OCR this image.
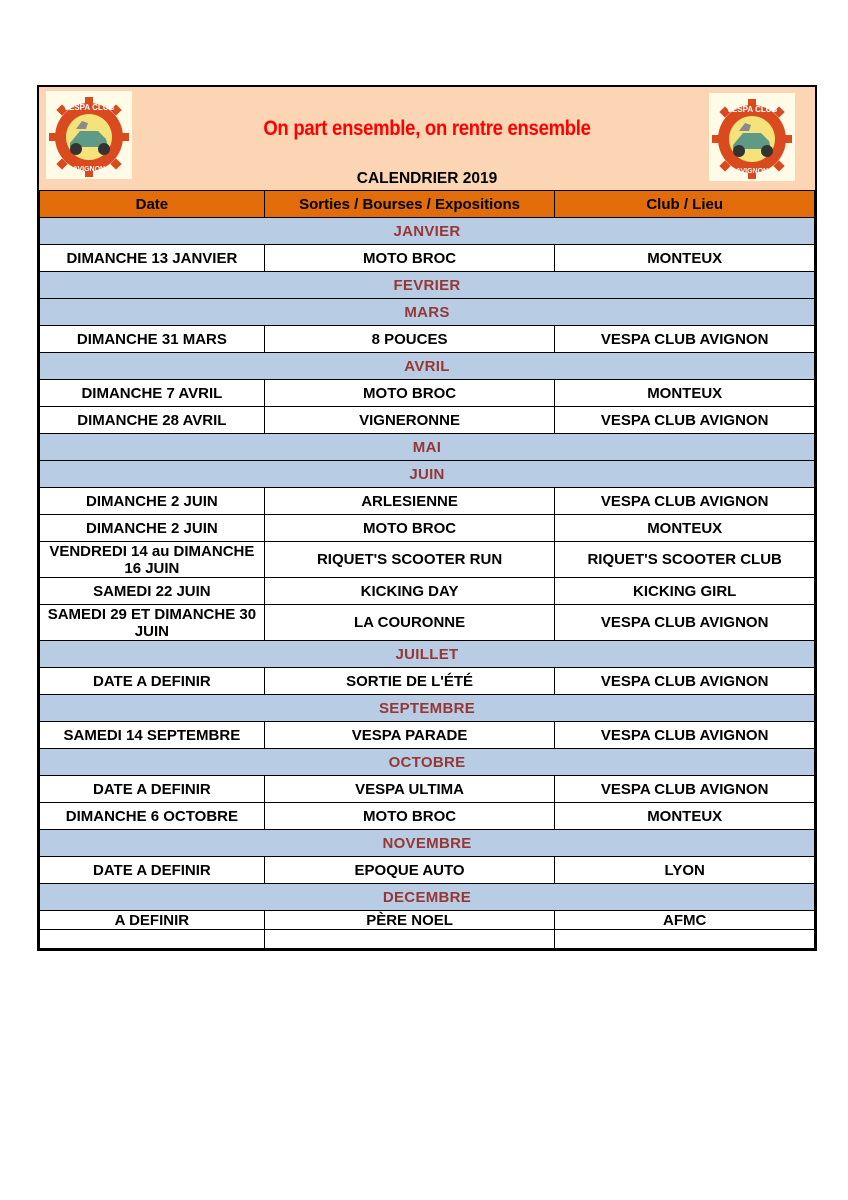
VESPA CLUB
AVIGNON
On part ensemble, on rentre ensemble
CALENDRIER 2019
VESPA CLUB
AVIGNON
Date	Sorties / Bourses / Expositions	Club / Lieu
JANVIER		
DIMANCHE 13 JANVIER	MOTO BROC	MONTEUX
FEVRIER		
MARS		
DIMANCHE 31 MARS	8 POUCES	VESPA CLUB AVIGNON
AVRIL		
DIMANCHE 7 AVRIL	MOTO BROC	MONTEUX
DIMANCHE 28 AVRIL	VIGNERONNE	VESPA CLUB AVIGNON
MAI		
JUIN		
DIMANCHE 2 JUIN	ARLESIENNE	VESPA CLUB AVIGNON
DIMANCHE 2 JUIN	MOTO BROC	MONTEUX
VENDREDI 14 au DIMANCHE 16 JUIN	RIQUET'S SCOOTER RUN	RIQUET'S SCOOTER CLUB
SAMEDI 22 JUIN	KICKING DAY	KICKING GIRL
SAMEDI 29 ET DIMANCHE 30 JUIN	LA COURONNE	VESPA CLUB AVIGNON
JUILLET		
DATE A DEFINIR	SORTIE DE L'ÉTÉ	VESPA CLUB AVIGNON
SEPTEMBRE		
SAMEDI 14 SEPTEMBRE	VESPA PARADE	VESPA CLUB AVIGNON
OCTOBRE		
DATE A DEFINIR	VESPA ULTIMA	VESPA CLUB AVIGNON
DIMANCHE 6 OCTOBRE	MOTO BROC	MONTEUX
NOVEMBRE		
DATE A DEFINIR	EPOQUE AUTO	LYON
DECEMBRE		
A DEFINIR	PÈRE NOEL	AFMC
